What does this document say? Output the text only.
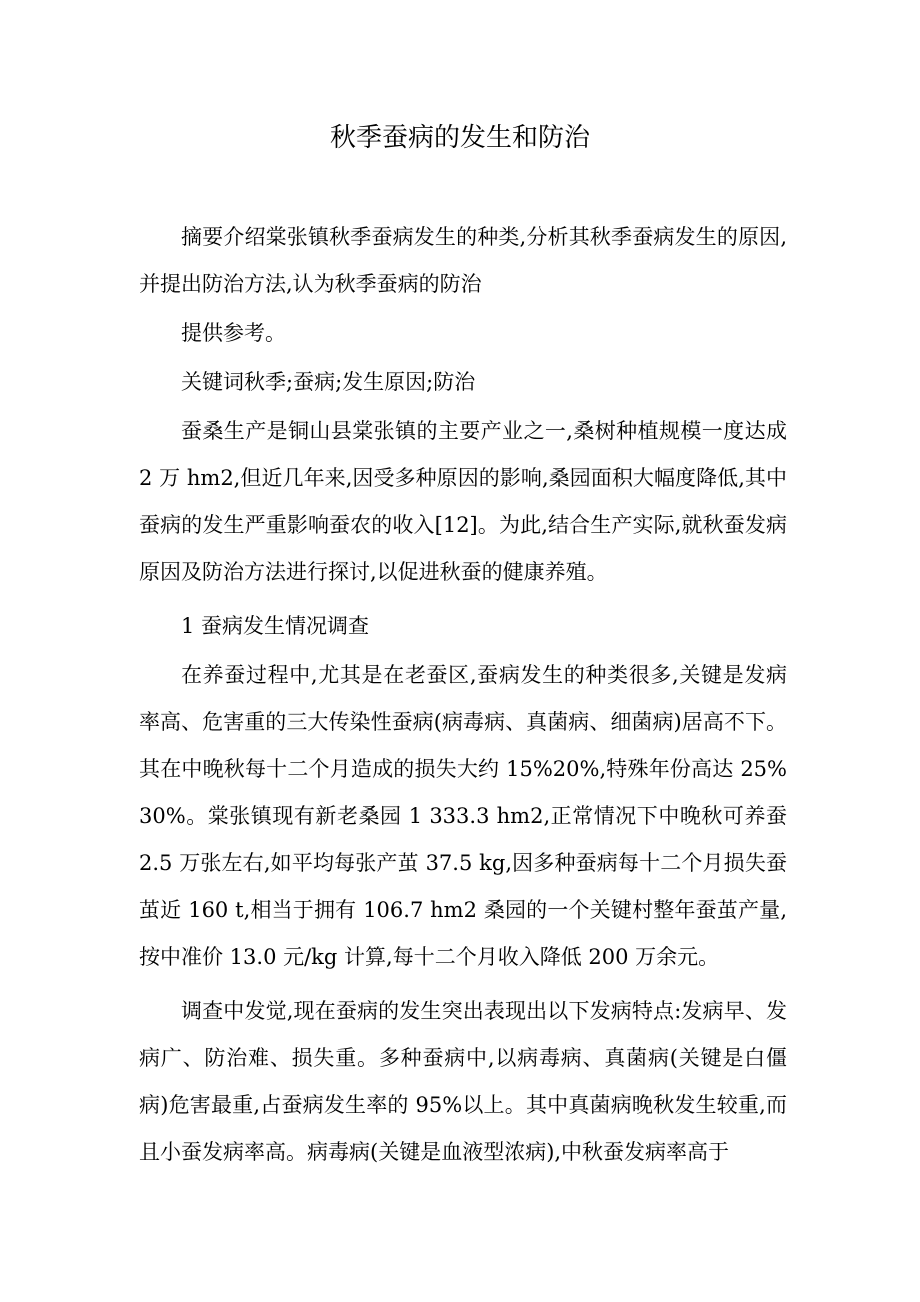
秋季蚕病的发生和防治

摘要介绍棠张镇秋季蚕病发生的种类,分析其秋季蚕病发生的原因,并提出防治方法,认为秋季蚕病的防治

提供参考。

关键词秋季;蚕病;发生原因;防治

蚕桑生产是铜山县棠张镇的主要产业之一,桑树种植规模一度达成 2 万 hm2,但近几年来,因受多种原因的影响,桑园面积大幅度降低,其中蚕病的发生严重影响蚕农的收入[12]。为此,结合生产实际,就秋蚕发病原因及防治方法进行探讨,以促进秋蚕的健康养殖。

1 蚕病发生情况调查

在养蚕过程中,尤其是在老蚕区,蚕病发生的种类很多,关键是发病率高、危害重的三大传染性蚕病(病毒病、真菌病、细菌病)居高不下。其在中晚秋每十二个月造成的损失大约 15%20%,特殊年份高达 25%30%。棠张镇现有新老桑园 1 333.3 hm2,正常情况下中晚秋可养蚕 2.5 万张左右,如平均每张产茧 37.5 kg,因多种蚕病每十二个月损失蚕茧近 160 t,相当于拥有 106.7 hm2 桑园的一个关键村整年蚕茧产量,按中准价 13.0 元/kg 计算,每十二个月收入降低 200 万余元。

调查中发觉,现在蚕病的发生突出表现出以下发病特点:发病早、发病广、防治难、损失重。多种蚕病中,以病毒病、真菌病(关键是白僵病)危害最重,占蚕病发生率的 95%以上。其中真菌病晚秋发生较重,而且小蚕发病率高。病毒病(关键是血液型浓病),中秋蚕发病率高于
